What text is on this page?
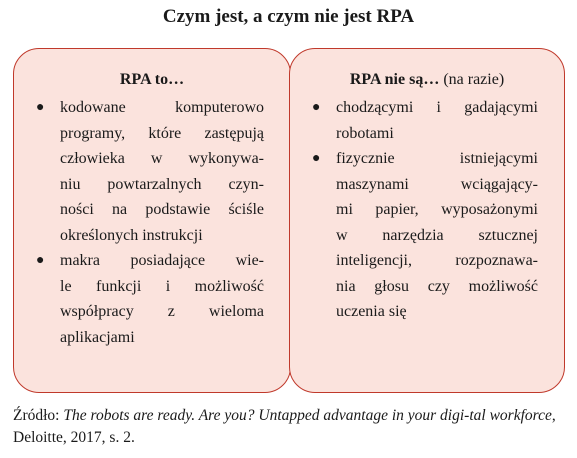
Czym jest, a czym nie jest RPA
RPA to…
● kodowane komputerowo
programy, które zastępują
człowieka w wykonywa-
niu powtarzalnych czyn-
ności na podstawie ściśle
określonych instrukcji
● makra posiadające wie-
le funkcji i możliwość
współpracy z wieloma
aplikacjami
RPA nie są… (na razie)
● chodzącymi i gadającymi
robotami
● fizycznie istniejącymi
maszynami wciągający-
mi papier, wyposażonymi
w narzędzia sztucznej
inteligencji, rozpoznawa-
nia głosu czy możliwość
uczenia się
Źródło: The robots are ready. Are you? Untapped advantage in your digi-tal workforce, Deloitte, 2017, s. 2.
